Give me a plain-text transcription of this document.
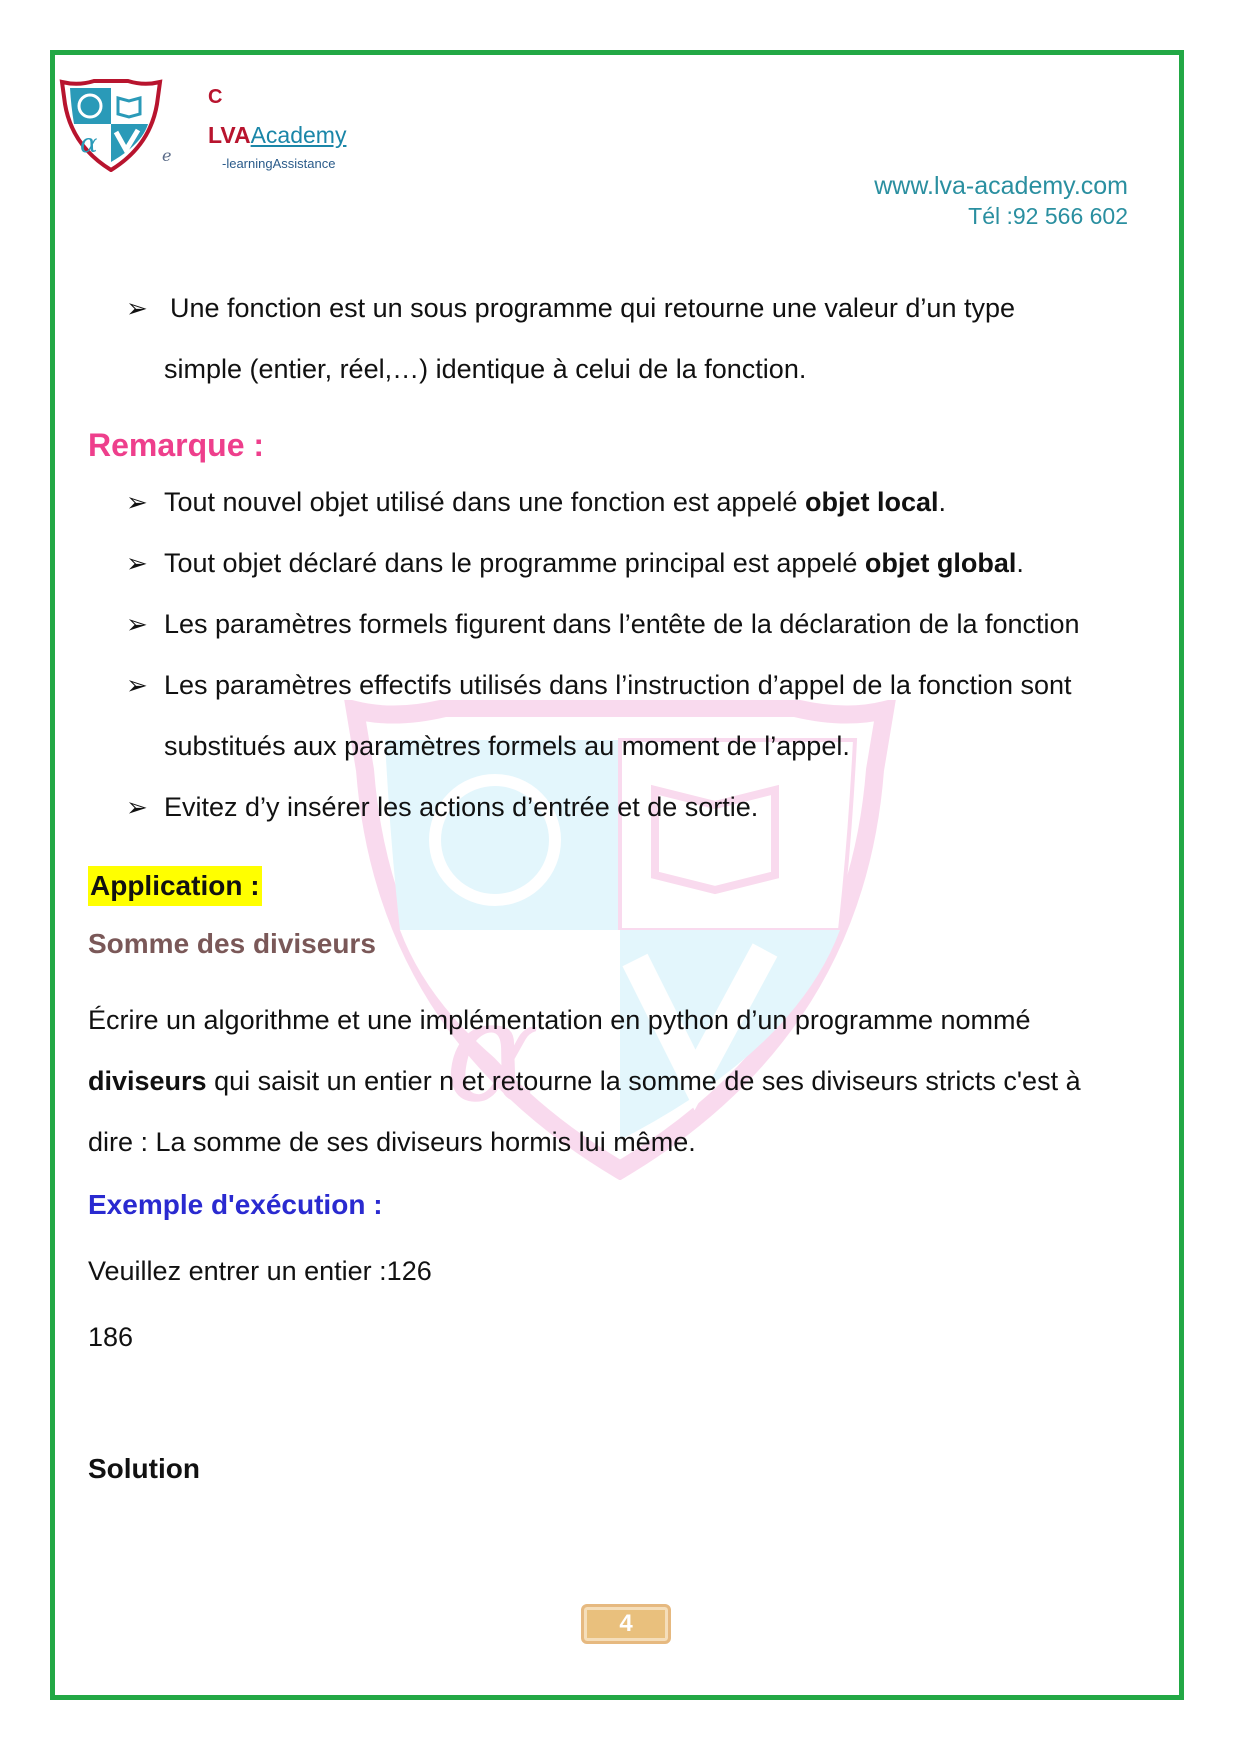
α
α	e
C
LVAAcademy
-learningAssistance
www.lva-academy.com
Tél :92 566 602
➢ Une fonction est un sous programme qui retourne une valeur d’un type
simple (entier, réel,…) identique à celui de la fonction.
Remarque :
➢ Tout nouvel objet utilisé dans une fonction est appelé objet local.
➢ Tout objet déclaré dans le programme principal est appelé objet global.
➢ Les paramètres formels figurent dans l’entête de la déclaration de la fonction
➢ Les paramètres effectifs utilisés dans l’instruction d’appel de la fonction sont substitués aux paramètres formels au moment de l’appel.
➢ Evitez d’y insérer les actions d’entrée et de sortie.
Application :
Somme des diviseurs
Écrire un algorithme et une implémentation en python d’un programme nommé diviseurs qui saisit un entier n et retourne la somme de ses diviseurs stricts c'est à dire : La somme de ses diviseurs hormis lui même.
Exemple d'exécution :
Veuillez entrer un entier :126
186
Solution
4
